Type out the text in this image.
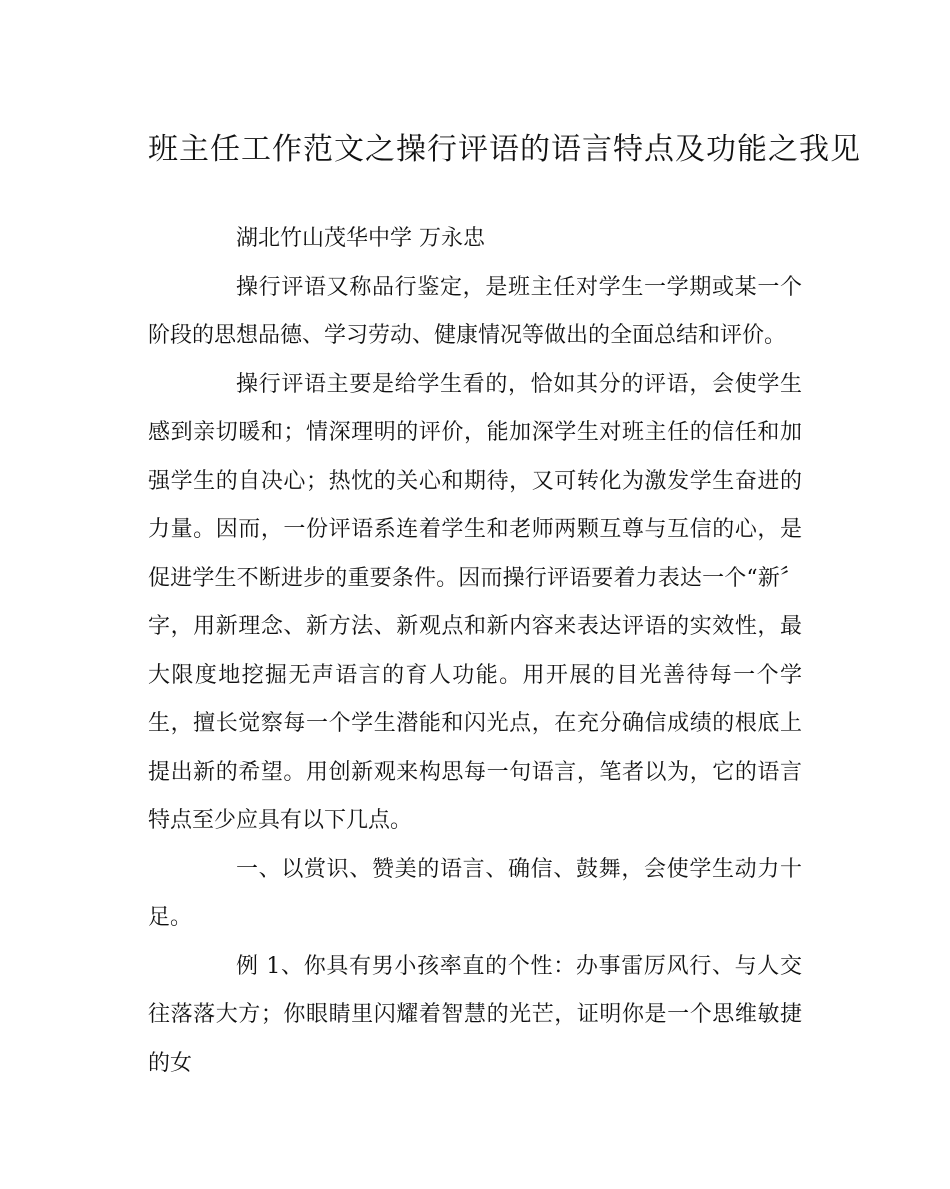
班主任工作范文之操行评语的语言特点及功能之我见

湖北竹山茂华中学 万永忠

操行评语又称品行鉴定，是班主任对学生一学期或某一个阶段的思想品德、学习劳动、健康情况等做出的全面总结和评价。

操行评语主要是给学生看的，恰如其分的评语，会使学生感到亲切暖和；情深理明的评价，能加深学生对班主任的信任和加强学生的自决心；热忱的关心和期待，又可转化为激发学生奋进的力量。因而，一份评语系连着学生和老师两颗互尊与互信的心，是促进学生不断进步的重要条件。因而操行评语要着力表达一个“新〞字，用新理念、新方法、新观点和新内容来表达评语的实效性，最大限度地挖掘无声语言的育人功能。用开展的目光善待每一个学生，擅长觉察每一个学生潜能和闪光点，在充分确信成绩的根底上提出新的希望。用创新观来构思每一句语言，笔者以为，它的语言特点至少应具有以下几点。

一、以赏识、赞美的语言、确信、鼓舞，会使学生动力十足。

例 1、你具有男小孩率直的个性：办事雷厉风行、与人交往落落大方；你眼睛里闪耀着智慧的光芒，证明你是一个思维敏捷的女
